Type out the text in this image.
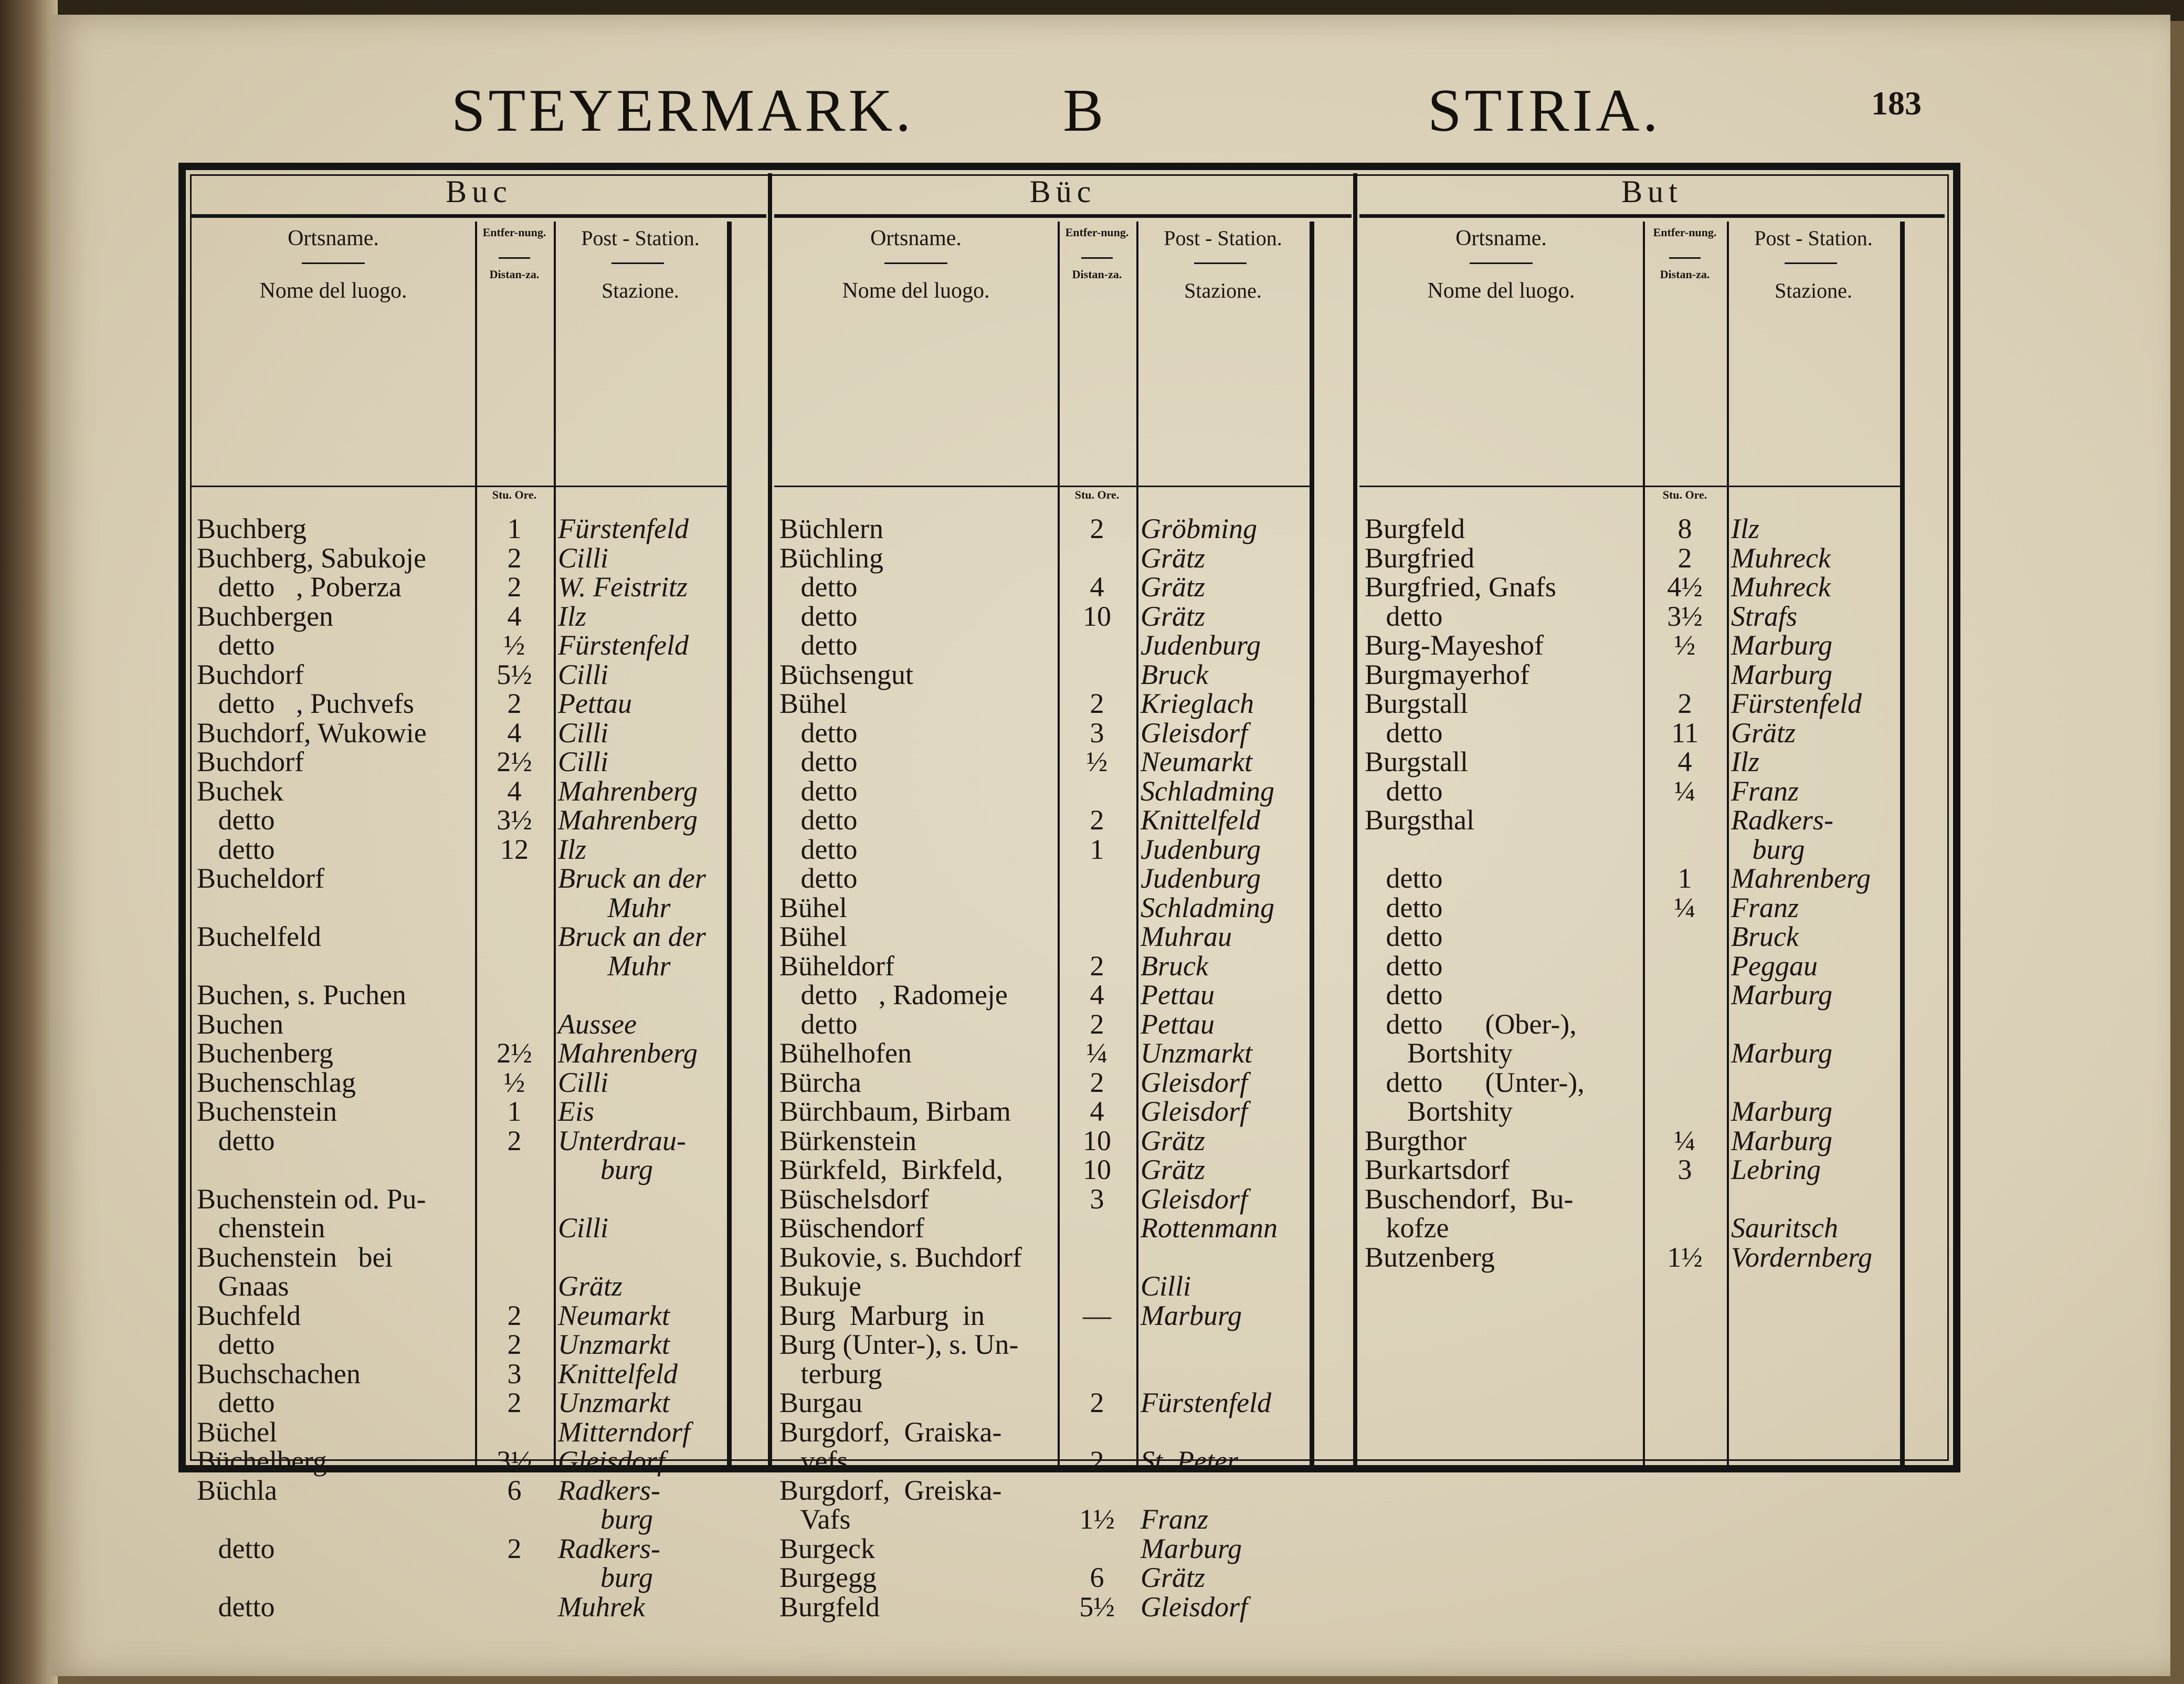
STEYERMARK. B	STIRIA.	183
Buc
Ortsname.
Nome del luogo.
Entfer-nung.
Distan-za.
Post - Station.
Stazione.
Stu. Ore.
Buchberg
Buchberg, Sabukoje
detto   , Poberza
Buchbergen
detto
Buchdorf
detto   , Puchvefs
Buchdorf, Wukowie
Buchdorf
Buchek
detto
detto
Bucheldorf
Buchelfeld
Buchen, s. Puchen
Buchen
Buchenberg
Buchenschlag
Buchenstein
detto
Buchenstein od. Pu-
chenstein
Buchenstein   bei
Gnaas
Buchfeld
detto
Buchschachen
detto
Büchel
Büchelberg
Büchla
detto
detto
1
2
2
4
½
5½
2
4
2½
4
3½
12
2½
½
1
2
2
2
3
2
3½
6
2
Fürstenfeld
Cilli
W. Feistritz
Ilz
Fürstenfeld
Cilli
Pettau
Cilli
Cilli
Mahrenberg
Mahrenberg
Ilz
Bruck an der
Muhr
Bruck an der
Muhr
Aussee
Mahrenberg
Cilli
Eis
Unterdrau-
burg
Cilli
Grätz
Neumarkt
Unzmarkt
Knittelfeld
Unzmarkt
Mitterndorf
Gleisdorf
Radkers-
burg
Radkers-
burg
Muhrek
Büc
Ortsname.
Nome del luogo.
Entfer-nung.
Distan-za.
Post - Station.
Stazione.
Stu. Ore.
Büchlern
Büchling
detto
detto
detto
Büchsengut
Bühel
detto
detto
detto
detto
detto
detto
Bühel
Bühel
Büheldorf
detto   , Radomeje
detto
Bühelhofen
Bürcha
Bürchbaum, Birbam
Bürkenstein
Bürkfeld,  Birkfeld,
Büschelsdorf
Büschendorf
Bukovie, s. Buchdorf
Bukuje
Burg  Marburg  in
Burg (Unter-), s. Un-
terburg
Burgau
Burgdorf,  Graiska-
vefs
Burgdorf,  Greiska-
Vafs
Burgeck
Burgegg
Burgfeld
2
4
10
2
3
½
2
1
2
4
2
¼
2
4
10
10
3
—
2
2
1½
6
5½
Gröbming
Grätz
Grätz
Grätz
Judenburg
Bruck
Krieglach
Gleisdorf
Neumarkt
Schladming
Knittelfeld
Judenburg
Judenburg
Schladming
Muhrau
Bruck
Pettau
Pettau
Unzmarkt
Gleisdorf
Gleisdorf
Grätz
Grätz
Gleisdorf
Rottenmann
Cilli
Marburg
Fürstenfeld
St. Peter
Franz
Marburg
Grätz
Gleisdorf
But
Ortsname.
Nome del luogo.
Entfer-nung.
Distan-za.
Post - Station.
Stazione.
Stu. Ore.
Burgfeld
Burgfried
Burgfried, Gnafs
detto
Burg-Mayeshof
Burgmayerhof
Burgstall
detto
Burgstall
detto
Burgsthal
detto
detto
detto
detto
detto
detto      (Ober-),
Bortshity
detto      (Unter-),
Bortshity
Burgthor
Burkartsdorf
Buschendorf,  Bu-
kofze
Butzenberg
8
2
4½
3½
½
2
11
4
¼
1
¼
¼
3
1½
Ilz
Muhreck
Muhreck
Strafs
Marburg
Marburg
Fürstenfeld
Grätz
Ilz
Franz
Radkers-
burg
Mahrenberg
Franz
Bruck
Peggau
Marburg
Marburg
Marburg
Marburg
Lebring
Sauritsch
Vordernberg
